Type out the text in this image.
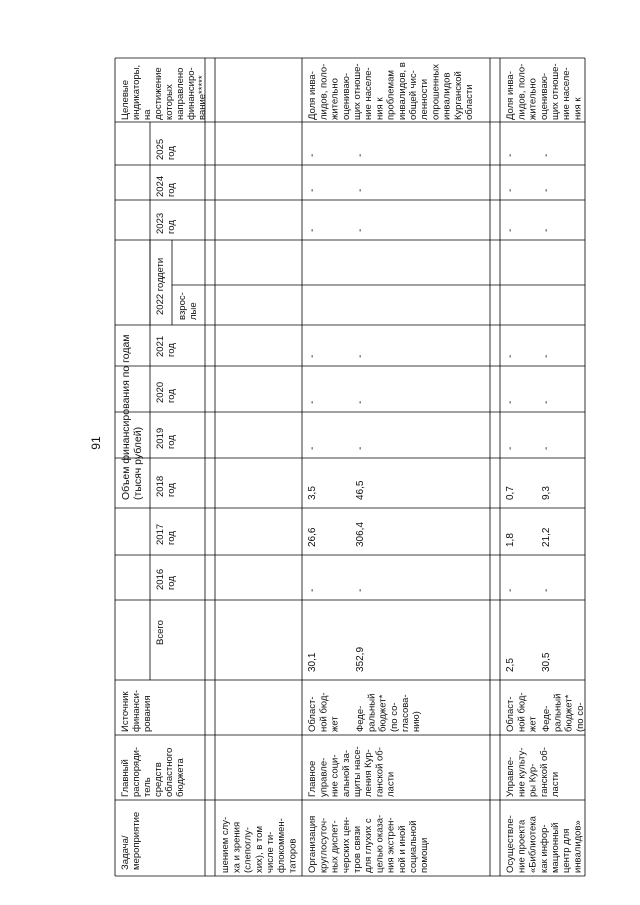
91
Задача/мероприятие
Главныйраспоряди-тельсредствобластногобюджета
Источникфинанси-рования
Объем финансирования по годам(тысяч рублей)
Всего
2016год
2017год
2018год
2019год
2020год
2021год
2022 год взрос-лые
дети
2023год
2024год
2025год
Целевыеиндикаторы,надостижениекоторыхнаправленофинансиро-вание*****
шением слу-ха и зрения(слепоглу-хих), в томчисле ти-флокоммен-таторов Организациякруглосуточ-ных диспет-черских цен-тров связидля глухих сцелью оказа-ния экстрен-ной и инойсоциальнойпомощи
Главноеуправле-ние соци-альной за-щиты насе-ления Кур-ганской об-ласти
Област-ной бюд-жет
Доля инва-лидов, поло-жительнооценивaю-щих отноше-ние населе-ния кпроблемаминвалидов, вобщей чис-ленностиопрошенныхинвалидовКурганскойобласти
Феде-ральныйбюджет*(по со-гласова-нию)
Осуществле-ние проекта«Библиотекакак инфор-мационныйцентр дляинвалидов»
Управле-ние культу-ры Кур-ганской об-ласти
Област-ной бюд-жет
Доля инва-лидов, поло-жительнооценивaю-щих отноше-ние населе-ния к
Феде-ральныйбюджет*(по со-
30,1
-
26,6
3,5
-
-
-
-
-
-
352,9
-
306,4
46,5
-
-
-
-
-
-
2,5
-
1,8
0,7
-
-
-
-
-
-
30,5
-
21,2
9,3
-
-
-
-
-
-
